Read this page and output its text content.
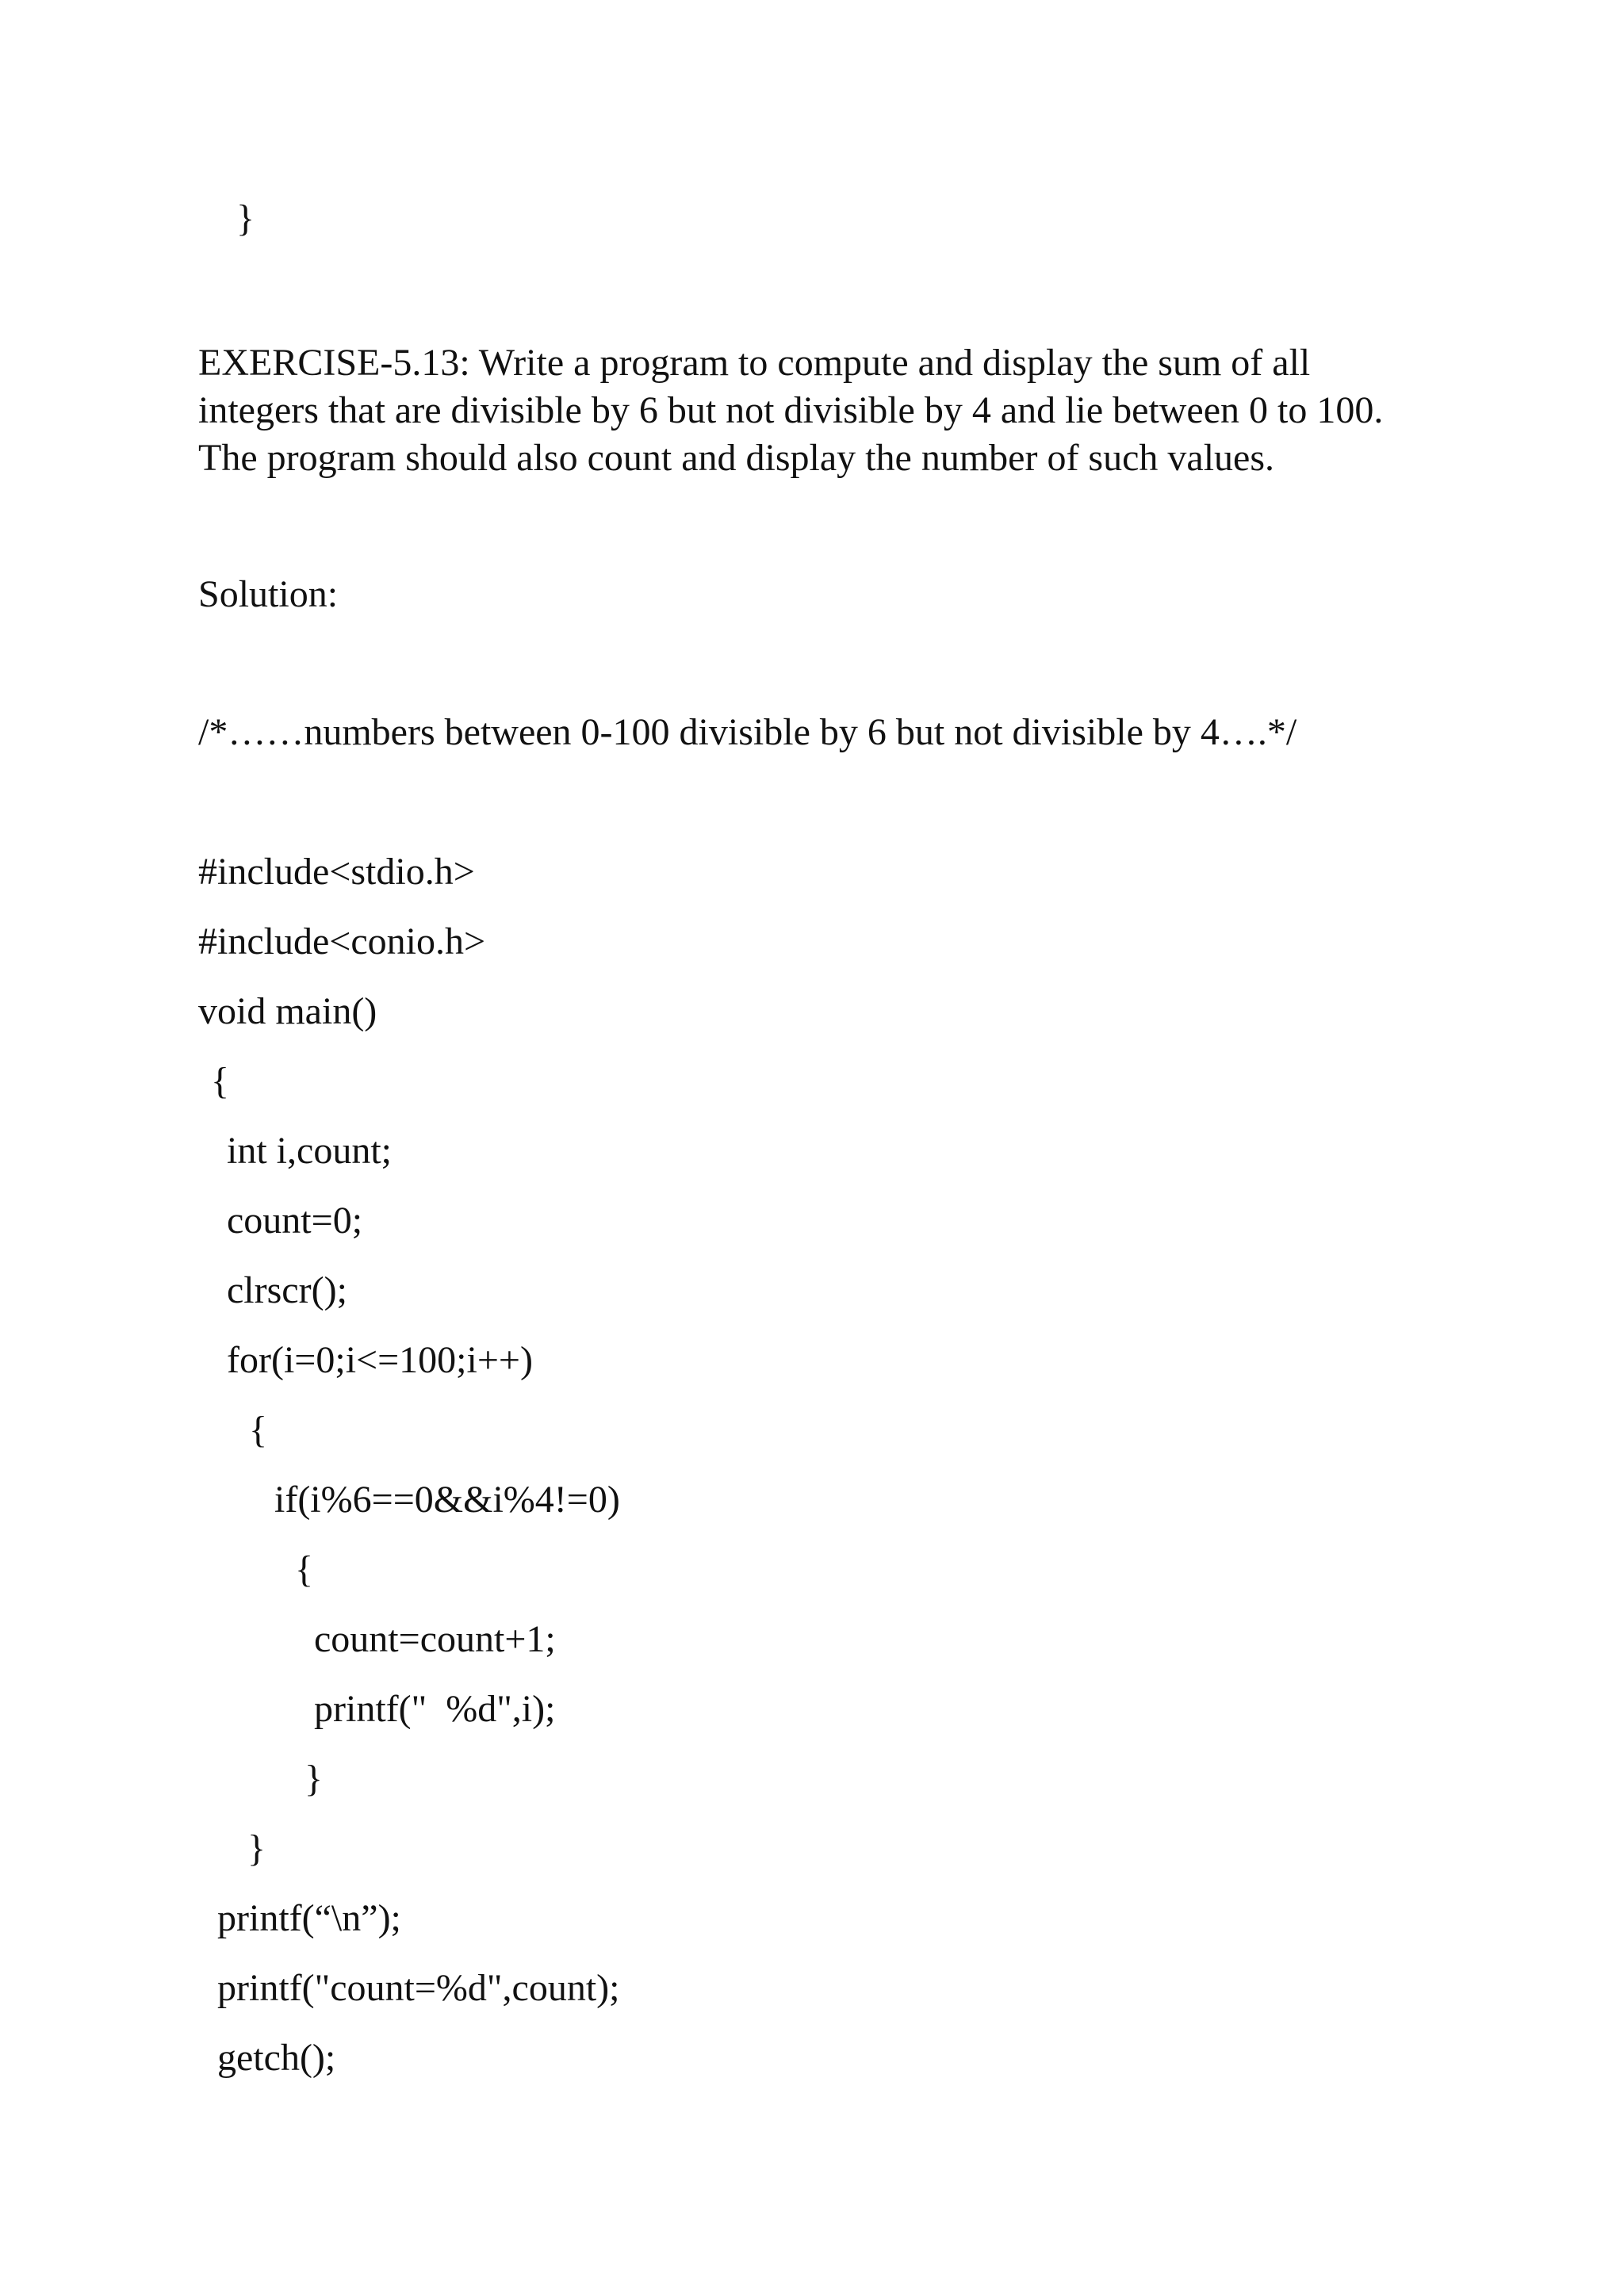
}

EXERCISE-5.13: Write a program to compute and display the sum of all
integers that are divisible by 6 but not divisible by 4 and lie between 0 to 100.
The program should also count and display the number of such values.

Solution:

/*……numbers between 0-100 divisible by 6 but not divisible by 4….*/

#include<stdio.h>

#include<conio.h>

void main()

{

int i,count;

count=0;

clrscr();

for(i=0;i<=100;i++)

{

if(i%6==0&&i%4!=0)

{

count=count+1;

printf("  %d",i);

}

}

printf(“\n”);

printf("count=%d",count);

getch();
